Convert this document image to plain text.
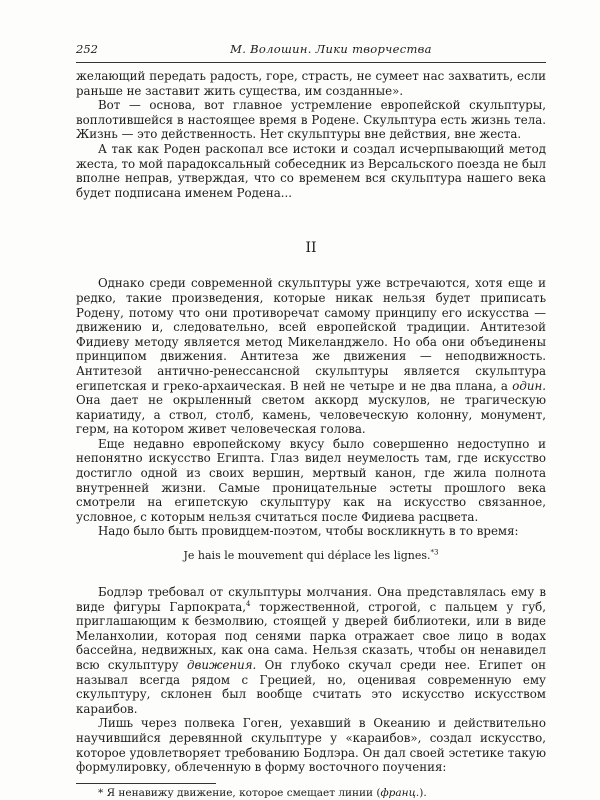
252	М. Волошин. Лики творчества

желающий передать радость, горе, страсть, не сумеет нас захватить, если раньше не заставит жить существа, им созданные».

Вот — основа, вот главное устремление европейской скульптуры, воплотившейся в настоящее время в Родене. Скульптура есть жизнь тела. Жизнь — это действенность. Нет скульптуры вне действия, вне жеста.

А так как Роден раскопал все истоки и создал исчерпывающий метод жеста, то мой парадоксальный собеседник из Версальского поезда не был вполне неправ, утверждая, что со временем вся скульптура нашего века будет подписана именем Родена...

II

Однако среди современной скульптуры уже встречаются, хотя еще и редко, такие произведения, которые никак нельзя будет приписать Родену, потому что они противоречат самому принципу его искусства — движению и, следовательно, всей европейской традиции. Антитезой Фидиеву методу является метод Микеланджело. Но оба они объединены принципом движения. Антитеза же движения — неподвижность. Антитезой антично-ренессансной скульптуры является скульптура египетская и греко-архаическая. В ней не четыре и не два плана, а один. Она дает не окрыленный светом аккорд мускулов, не трагическую кариатиду, а ствол, столб, камень, человеческую колонну, монумент, герм, на котором живет человеческая голова.

Еще недавно европейскому вкусу было совершенно недоступно и непонятно искусство Египта. Глаз видел неумелость там, где искусство достигло одной из своих вершин, мертвый канон, где жила полнота внутренней жизни. Самые проницательные эстеты прошлого века смотрели на египетскую скульптуру как на искусство связанное, условное, с которым нельзя считаться после Фидиева расцвета.

Надо было быть провидцем-поэтом, чтобы воскликнуть в то время:

Je hais le mouvement qui déplace les lignes.$^{*3}$

Бодлэр требовал от скульптуры молчания. Она представлялась ему в виде фигуры Гарпократа,$^4$ торжественной, строгой, с пальцем у губ, приглашающим к безмолвию, стоящей у дверей библиотеки, или в виде Меланхолии, которая под сенями парка отражает свое лицо в водах бассейна, недвижных, как она сама. Нельзя сказать, чтобы он ненавидел всю скульптуру движения. Он глубоко скучал среди нее. Египет он называл всегда рядом с Грецией, но, оценивая современную ему скульптуру, склонен был вообще считать это искусство искусством караибов.

Лишь через полвека Гоген, уехавший в Океанию и действительно научившийся деревянной скульптуре у «караибов», создал искусство, которое удовлетворяет требованию Бодлэра. Он дал своей эстетике такую формулировку, облеченную в форму восточного поучения:

* Я ненавижу движение, которое смещает линии (франц.).
